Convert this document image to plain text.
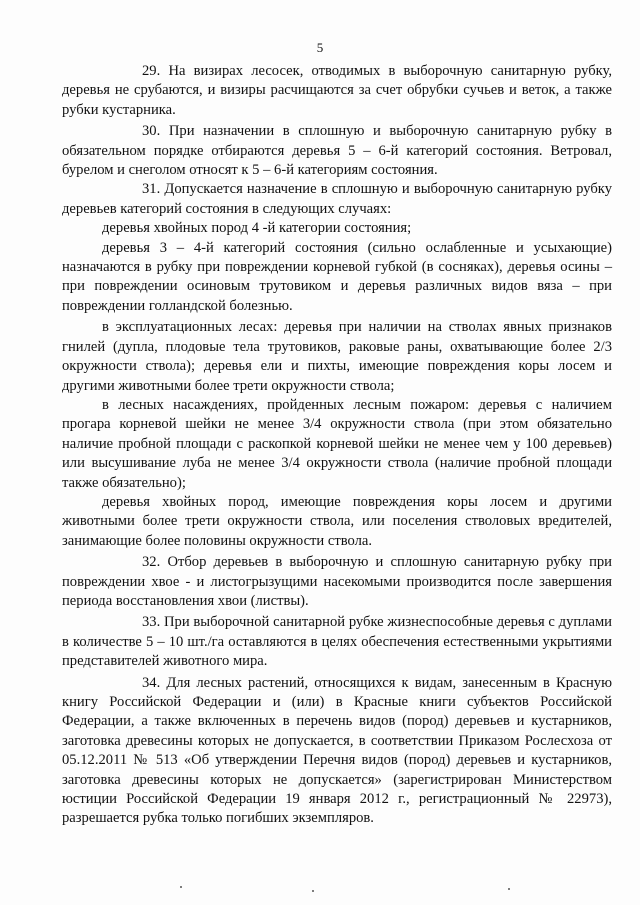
5

29. На визирах лесосек, отводимых в выборочную санитарную рубку, деревья не срубаются, и визиры расчищаются за счет обрубки сучьев и веток, а также рубки кустарника.

30. При назначении в сплошную и выборочную санитарную рубку в обязательном порядке отбираются деревья 5 – 6-й категорий состояния. Ветровал, бурелом и снеголом относят к 5 – 6-й категориям состояния.

31. Допускается назначение в сплошную и выборочную санитарную рубку деревьев категорий состояния в следующих случаях:

деревья хвойных пород 4 -й категории состояния;

деревья 3 – 4-й категорий состояния (сильно ослабленные и усыхающие) назначаются в рубку при повреждении корневой губкой (в сосняках), деревья осины – при повреждении осиновым трутовиком и деревья различных видов вяза – при повреждении голландской болезнью.

в эксплуатационных лесах: деревья при наличии на стволах явных признаков гнилей (дупла, плодовые тела трутовиков, раковые раны, охватывающие более 2/3 окружности ствола); деревья ели и пихты, имеющие повреждения коры лосем и другими животными более трети окружности ствола;

в лесных насаждениях, пройденных лесным пожаром: деревья с наличием прогара корневой шейки не менее 3/4 окружности ствола (при этом обязательно наличие пробной площади с раскопкой корневой шейки не менее чем у 100 деревьев) или высушивание луба не менее 3/4 окружности ствола (наличие пробной площади также обязательно);

деревья хвойных пород, имеющие повреждения коры лосем и другими животными более трети окружности ствола, или поселения стволовых вредителей, занимающие более половины окружности ствола.

32. Отбор деревьев в выборочную и сплошную санитарную рубку при повреждении хвое - и листогрызущими насекомыми производится после завершения периода восстановления хвои (листвы).

33. При выборочной санитарной рубке жизнеспособные деревья с дуплами в количестве 5 – 10 шт./га оставляются в целях обеспечения естественными укрытиями представителей животного мира.

34. Для лесных растений, относящихся к видам, занесенным в Красную книгу Российской Федерации и (или) в Красные книги субъектов Российской Федерации, а также включенных в перечень видов (пород) деревьев и кустарников, заготовка древесины которых не допускается, в соответствии Приказом Рослесхоза от 05.12.2011 № 513 «Об утверждении Перечня видов (пород) деревьев и кустарников, заготовка древесины которых не допускается» (зарегистрирован Министерством юстиции Российской Федерации 19 января 2012 г., регистрационный № 22973), разрешается рубка только погибших экземпляров.
